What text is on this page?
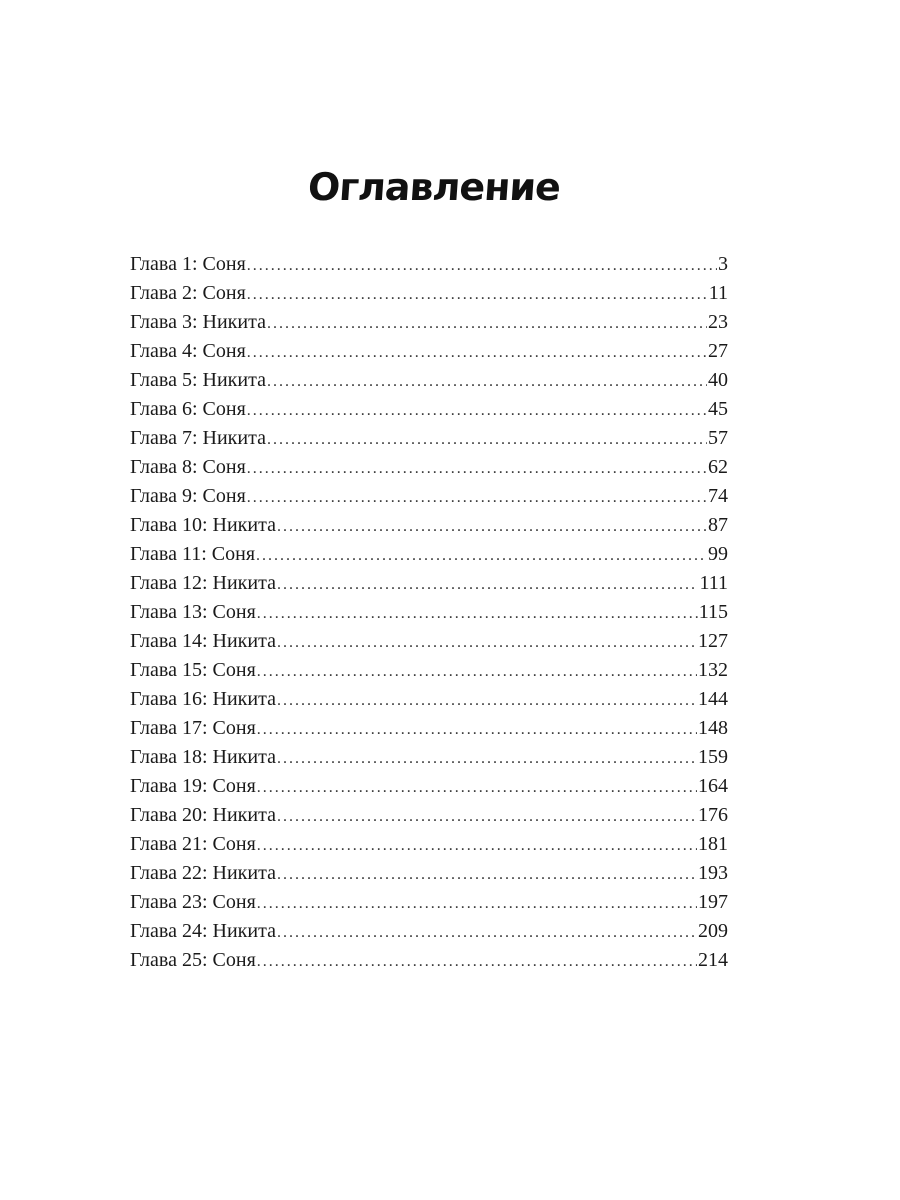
Оглавление
Глава 1: Соня .....	3
Глава 2: Соня .....	11
Глава 3: Никита .....	23
Глава 4: Соня .....	27
Глава 5: Никита .....	40
Глава 6: Соня .....	45
Глава 7: Никита .....	57
Глава 8: Соня .....	62
Глава 9: Соня .....	74
Глава 10: Никита .....	87
Глава 11: Соня .....	99
Глава 12: Никита .....	111
Глава 13: Соня .....	115
Глава 14: Никита .....	127
Глава 15: Соня .....	132
Глава 16: Никита .....	144
Глава 17: Соня .....	148
Глава 18: Никита .....	159
Глава 19: Соня .....	164
Глава 20: Никита .....	176
Глава 21: Соня .....	181
Глава 22: Никита .....	193
Глава 23: Соня .....	197
Глава 24: Никита .....	209
Глава 25: Соня .....	214
